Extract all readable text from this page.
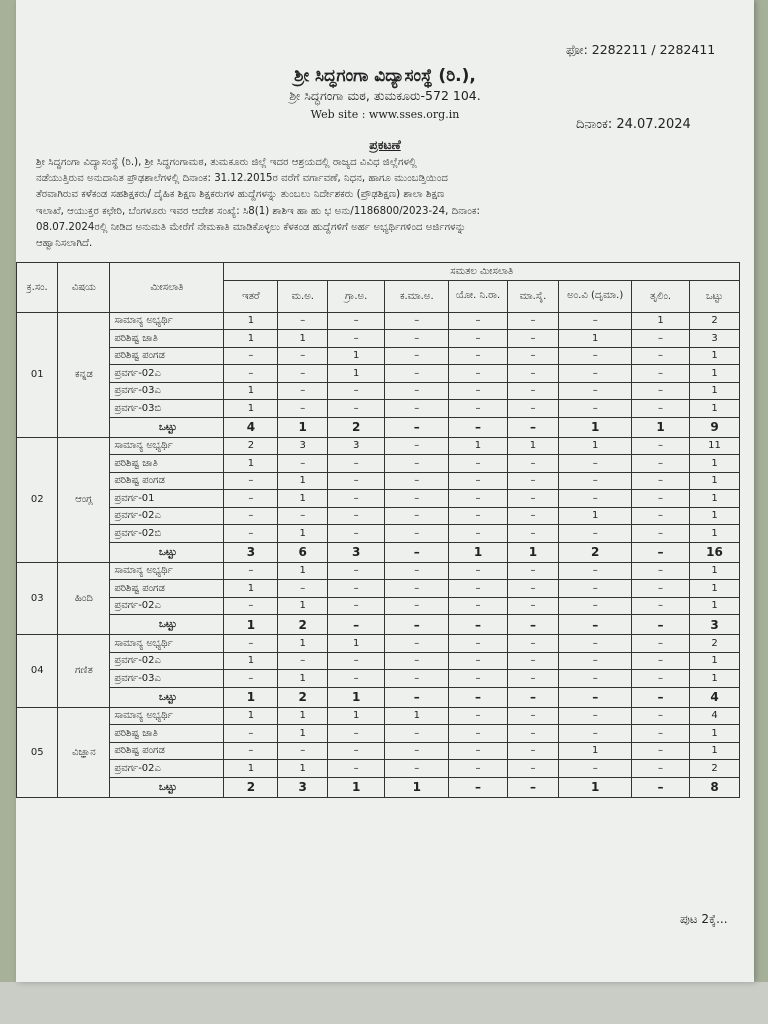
ಫೋ: 2282211 / 2282411
ಶ್ರೀ ಸಿದ್ಧಗಂಗಾ ವಿದ್ಯಾಸಂಸ್ಥೆ (ರಿ.),
ಶ್ರೀ ಸಿದ್ಧಗಂಗಾ ಮಠ, ತುಮಕೂರು-572 104.
Web site : www.sses.org.in
ದಿನಾಂಕ: 24.07.2024
ಪ್ರಕಟಣೆ
ಶ್ರೀ ಸಿದ್ಧಗಂಗಾ ವಿದ್ಯಾಸಂಸ್ಥೆ (ರಿ.), ಶ್ರೀ ಸಿದ್ಧಗಂಗಾಮಠ, ತುಮಕೂರು ಜಿಲ್ಲೆ ಇದರ ಆಶ್ರಯದಲ್ಲಿ ರಾಜ್ಯದ ವಿವಿಧ ಜಿಲ್ಲೆಗಳಲ್ಲಿ
ನಡೆಯುತ್ತಿರುವ ಅನುದಾನಿತ ಪ್ರೌಢಶಾಲೆಗಳಲ್ಲಿ ದಿನಾಂಕ: 31.12.2015ರ ವರೆಗೆ ವರ್ಗಾವಣೆ, ನಿಧನ, ಹಾಗೂ ಮುಂಬಡ್ತಿಯಿಂದ
ತೆರವಾಗಿರುವ ಕಳೆಕಂಡ ಸಹಶಿಕ್ಷಕರು/ ದೈಹಿಕ ಶಿಕ್ಷಣ ಶಿಕ್ಷಕರುಗಳ ಹುದ್ದೆಗಳನ್ನು ತುಂಬಲು ನಿರ್ದೇಶಕರು (ಪ್ರೌಢಶಿಕ್ಷಣ) ಶಾಲಾ ಶಿಕ್ಷಣ
ಇಲಾಖೆ, ಆಯುಕ್ತರ ಕಛೇರಿ, ಬೆಂಗಳೂರು ಇವರ ಆದೇಶ ಸಂಖ್ಯೆ: ಸಿ8(1) ಶಾಶಿಇ ಹಾ ಹು ಭ ಅನು/1186800/2023-24, ದಿನಾಂಕ:
08.07.2024ರಲ್ಲಿ ನೀಡಿದ ಅನುಮತಿ ಮೇರೆಗೆ ನೇಮಕಾತಿ ಮಾಡಿಕೊಳ್ಳಲು ಕೆಳಕಂಡ ಹುದ್ದೆಗಳಿಗೆ ಅರ್ಹ ಅಭ್ಯರ್ಥಿಗಳಿಂದ ಅರ್ಜಿಗಳನ್ನು
ಆಹ್ವಾನಿಸಲಾಗಿದೆ.
ಕ್ರ.ಸಂ.	ವಿಷಯ	ಮೀಸಲಾತಿ	ಸಮತಲ ಮೀಸಲಾತಿ								
			ಇತರೆ	ಮ.ಅ.	ಗ್ರಾ.ಅ.	ಕ.ಮಾ.ಅ.	ಯೋ. ನಿ.ರಾ.	ಮಾ.ಸೈ.	ಅಂ.ವಿ (ದೃಮಾ.)	ತೃಲಿಂ.	ಒಟ್ಟು
01	ಕನ್ನಡ	ಸಾಮಾನ್ಯ ಅಭ್ಯರ್ಥಿ	1	–	–	–	–	–	–	1	2
		ಪರಿಶಿಷ್ಟ ಜಾತಿ	1	1	–	–	–	–	1	–	3
		ಪರಿಶಿಷ್ಟ ಪಂಗಡ	–	–	1	–	–	–	–	–	1
		ಪ್ರವರ್ಗ-02ಎ	–	–	1	–	–	–	–	–	1
		ಪ್ರವರ್ಗ-03ಎ	1	–	–	–	–	–	–	–	1
		ಪ್ರವರ್ಗ-03ಬಿ	1	–	–	–	–	–	–	–	1
		ಒಟ್ಟು	4	1	2	–	–	–	1	1	9
02	ಆಂಗ್ಲ	ಸಾಮಾನ್ಯ ಅಭ್ಯರ್ಥಿ	2	3	3	–	1	1	1	–	11
		ಪರಿಶಿಷ್ಟ ಜಾತಿ	1	–	–	–	–	–	–	–	1
		ಪರಿಶಿಷ್ಟ ಪಂಗಡ	–	1	–	–	–	–	–	–	1
		ಪ್ರವರ್ಗ-01	–	1	–	–	–	–	–	–	1
		ಪ್ರವರ್ಗ-02ಎ	–	–	–	–	–	–	1	–	1
		ಪ್ರವರ್ಗ-02ಬಿ	–	1	–	–	–	–	–	–	1
		ಒಟ್ಟು	3	6	3	–	1	1	2	–	16
03	ಹಿಂದಿ	ಸಾಮಾನ್ಯ ಅಭ್ಯರ್ಥಿ	–	1	–	–	–	–	–	–	1
		ಪರಿಶಿಷ್ಟ ಪಂಗಡ	1	–	–	–	–	–	–	–	1
		ಪ್ರವರ್ಗ-02ಎ	–	1	–	–	–	–	–	–	1
		ಒಟ್ಟು	1	2	–	–	–	–	–	–	3
04	ಗಣಿತ	ಸಾಮಾನ್ಯ ಅಭ್ಯರ್ಥಿ	–	1	1	–	–	–	–	–	2
		ಪ್ರವರ್ಗ-02ಎ	1	–	–	–	–	–	–	–	1
		ಪ್ರವರ್ಗ-03ಎ	–	1	–	–	–	–	–	–	1
		ಒಟ್ಟು	1	2	1	–	–	–	–	–	4
05	ವಿಜ್ಞಾನ	ಸಾಮಾನ್ಯ ಅಭ್ಯರ್ಥಿ	1	1	1	1	–	–	–	–	4
		ಪರಿಶಿಷ್ಟ ಜಾತಿ	–	1	–	–	–	–	–	–	1
		ಪರಿಶಿಷ್ಟ ಪಂಗಡ	–	–	–	–	–	–	1	–	1
		ಪ್ರವರ್ಗ-02ಎ	1	1	–	–	–	–	–	–	2
		ಒಟ್ಟು	2	3	1	1	–	–	1	–	8
ಪುಟ 2ಕ್ಕೆ...
